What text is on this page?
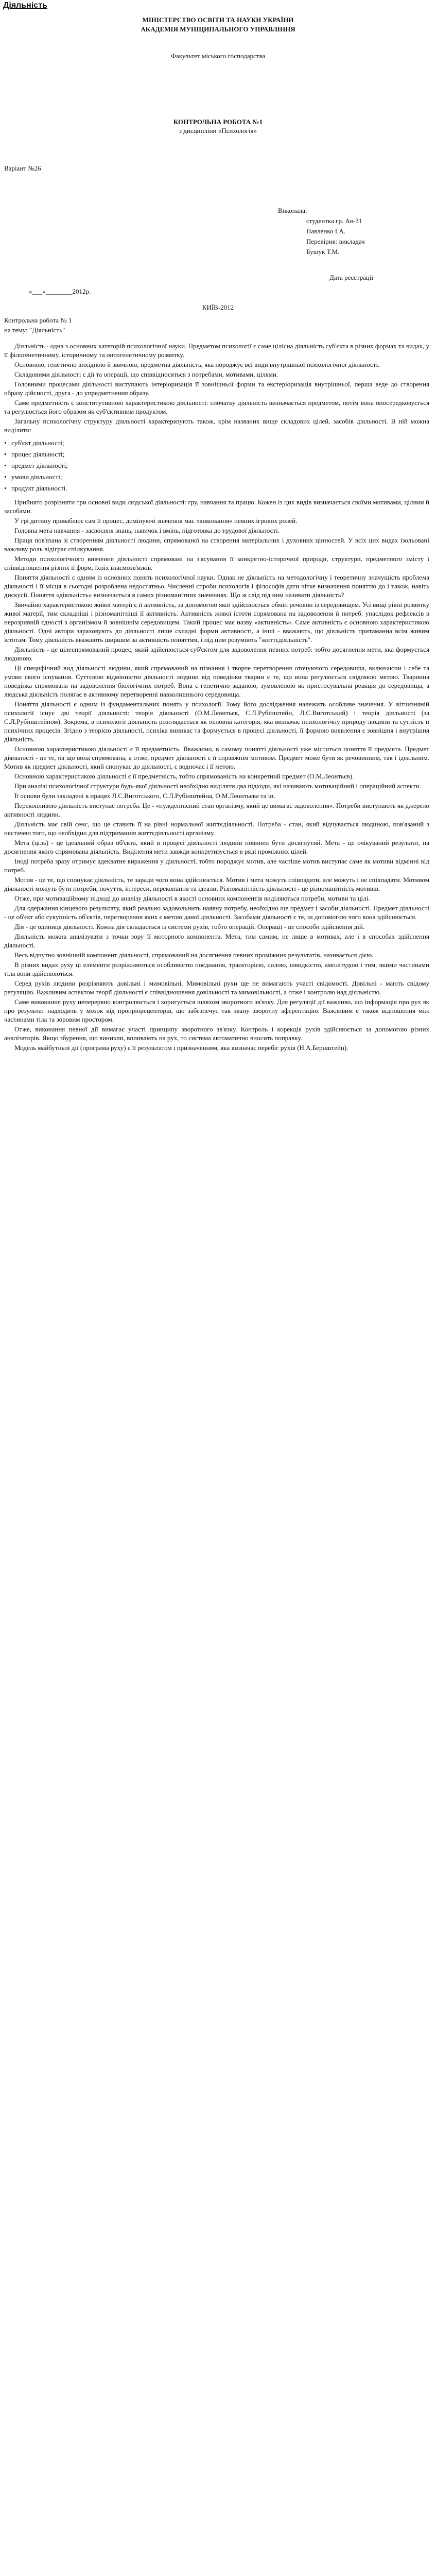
Діяльність
МІНІСТЕРСТВО ОСВІТИ ТА НАУКИ УКРАЇНИ
АКАДЕМІЯ МУНІЦИПАЛЬНОГО УПРАВЛІННЯ
Факультет міського господарства
КОНТРОЛЬНА РОБОТА №1
з дисципліни «Психологія»
Варіант №26
Виконала:
студентка гр. Ав-31
Павленко І.А.
Перевірив: викладач
Бушук Т.М.
Дата реєстрації
«___»________2012р.
КИЇВ-2012

Контрольна робота № 1

на тему: "Діяльність"

Діяльність - одна з основних категорій психологічної науки. Предметом психології є саме цілісна діяльність суб'єкта в різних формах та видах, у її філогенетичному, історичному та онтогенетичному розвитку.

Основною, генетично вихідною й звичною, предметна діяльність, яка породжує всі види внутрішньої психологічної діяльності.

Складовими діяльності є дії та операції, що співвідносяться з потребами, мотивами, цілями.

Головними процесами діяльності виступають інтеріоризація її зовнішньої форми та екстеріоризація внутрішньої, перша веде до створення образу дійсності, друга - до упредметнення образу.

Саме предметність є конститутивною характеристикою діяльності: спочатку діяльність визначається предметом, потім вона опосередковується та регулюється його образом як суб'єктивним продуктом.

Загальну психологічну структуру діяльності характеризують також, крім названих вище складових цілей, засобів діяльності. В ній можна виділити:

• суб'єкт діяльності;
• процес діяльності;
• предмет діяльності;
• умови діяльності;
• продукт діяльності.

Прийнято розрізняти три основні види людської діяльності: гру, навчання та працю. Кожен із цих видів визначається своїми мотивами, цілями й засобами.

У грі дитину приваблює сам її процес, домінуючі значення має «виконання» певних ігрових ролей.

Головна мета навчання - засвоєння знань, навичок і вмінь, підготовка до трудової діяльності.

Праця пов'язана зі створенням діяльності людини, спрямованої на створення матеріальних і духовних цінностей. У всіх цих видах ізольовані важливу роль відіграє спілкування.

Методи психологічного вивчення діяльності спрямовані на з'ясування її конкретно-історичної природи, структури, предметного змісту і співвідношення різних її форм, їхніх взаємозв'язків.

Поняття діяльності є одним із основних понять психологічної науки. Однак не діяльність на методологічну і теоретичну значущість проблема діяльності і її місця в сьогодні розроблена недостатньо. Численні спроби психологів і філософів дати чітке визначення поняттю до і також, навіть дискусії. Поняття «діяльність» визначається в самих різноманітних значеннях. Що ж слід під ним називати діяльність?

Звичайно характеристикою живої матерії є її активність, за допомогою якої здійснюється обмін речовин із середовищем. Усі вищі рівні розвитку живої матерії, тим складніші і різноманітніші її активність. Активність живої істоти спрямована на задоволення її потреб: унаслідок рефлексів в нерозривній єдності з організмом й зовнішнім середовищем. Такий процес має назву «активність». Саме активність є основною характеристикою діяльності. Одні автори зараховують до діяльності лише складні форми активності, а інші - вважають, що діяльність притаманна всім живим істотам. Тому діяльність вважають ширшим за активність поняттям, і під ним розуміють "життєдіяльність".

Діяльність - це цілеспрямований процес, який здійснюється суб'єктом для задоволення певних потреб: тобто досягнення мети, яка формується людиною.

Ці специфічний вид діяльності людини, який спрямований на пізнання і творче перетворення оточуючого середовища, включаючи і себе та умови свого існування. Суттєвою відмінністю діяльності людини від поведінки тварин є те, що вона регулюється свідомою метою. Тваринна поведінка спрямована на задоволення біологічних потреб. Вона є генетично заданою, зумовленою як пристосувальна реакція до середовища, а людська діяльність полягає в активному перетворенні навколишнього середовища.

Поняття діяльності є одним із фундаментальних понять у психології. Тому його дослідження належить особливе значення. У вітчизняній психології існує дві теорії діяльності: теорія діяльності (О.М.Леонтьєв, С.Л.Рубінштейн, Л.С.Виготський) і теорія діяльності (за С.Л.Рубінштейном). Зокрема, в психології діяльність розглядається як основна категорія, яка визначає психологічну природу людини та сутність її психічних процесів. Згідно з теорією діяльності, психіка виникає та формується в процесі діяльності, її формою виявлення є зовнішня і внутрішня діяльність.

Основною характеристикою діяльності є її предметність. Вважаємо, в самому понятті діяльності уже міститься поняття її предмета. Предмет діяльності - це те, на що вона спрямована, а отже, предмет діяльності є її справжнім мотивом. Предмет може бути як речовинним, так і ідеальним. Мотив як предмет діяльності, який спонукає до діяльності, є водночас і її метою.

Основною характеристикою діяльності є її предметність, тобто спрямованість на конкретний предмет (О.М.Леонтьєв).

При аналізі психологічної структури будь-якої діяльності необхідно виділяти два підходи, які називають мотиваційний і операційний аспекти.

Її основи були закладені в працях Л.С.Виготського, С.Л.Рубінштейна, О.М.Леонтьєва та ін.

Переконливою діяльність виступає потреба. Це - «нужденнісний стан організму, який це вимагає задоволення». Потреби виступають як джерело активності людини.

Діяльність має свій сенс, що це ставить її на рівні нормальної життєдіяльності. Потреба - стан, який відчувається людиною, пов'язаний з нестачею того, що необхідно для підтримання життєдіяльності організму.

Мета (ціль) - це ідеальний образ об'єкта, який в процесі діяльності людини повинен бути досягнутий. Мета - це очікуваний результат, на досягнення якого спрямована діяльність. Виділення мети завжди конкретизується в ряді проміжних цілей.

Іноді потреба зразу отримує адекватне вираження у діяльності, тобто породжує мотив, але частіше мотив виступає саме як мотиви відмінні від потреб.

Мотив - це те, що спонукає діяльність, те заради чого вона здійснюється. Мотив і мета можуть співпадати, але можуть і не співпадати. Мотивом діяльності можуть бути потреби, почуття, інтереси, переконання та ідеали. Різноманітність діяльності - це різноманітність мотивів.

Отже, при мотиваційному підході до аналізу діяльності в якості основних компонентів виділяються потреби, мотиви та цілі.

Для одержання кінцевого результату, який реально задовольнить наявну потребу, необхідно ще предмет і засоби діяльності. Предмет діяльності - це об'єкт або сукупність об'єктів, перетворення яких є метою даної діяльності. Засобами діяльності є те, за допомогою чого вона здійснюється.

Дія - це одиниця діяльності. Кожна дія складається із системи рухів, тобто операцій. Операції - це способи здійснення дій.

Діяльність можна аналізувати з точки зору її моторного компонента. Мета, тим самим, не лише в мотивах, але і в способах здійснення діяльності.

Весь відчутно зовнішній компонент діяльності, спрямований на досягнення певних проміжних результатів, називається дією.

В різних видах руху ці елементи розріжняються особливістю поєднання, траєкторією, силою, швидкістю, амплітудою і тим, якими частинами тіла вони здійснюються.

Серед рухів людини розрізняють довільні і мимовільні. Мимовільні рухи ще не вимагають участі свідомості. Довільні - мають свідому регуляцію. Важливим аспектом теорії діяльності є співвідношення довільності та мимовільності, а отже і контролю над діяльністю.

Саме виконання руху неперервно контролюється і коригується шляхом зворотного зв'язку. Для регуляції дії важливо, що інформація про рух як про результат надходить у мозок від пропріорецепторів, що забезпечує так звану зворотну аферентацію. Важливим є також відношення між частинами тіла та зоровим простором.

Отже, виконання певної дії вимагає участі принципу зворотного зв'язку. Контроль і корекція рухів здійснюється за допомогою різних аналізаторів. Якщо збурення, що виникли, впливають на рух, то система автоматично вносить поправку.

Модель майбутньої дії (програма руху) є її результатом і призначенням, яка визначає перебіг рухів (Н.А.Бернштейн).
